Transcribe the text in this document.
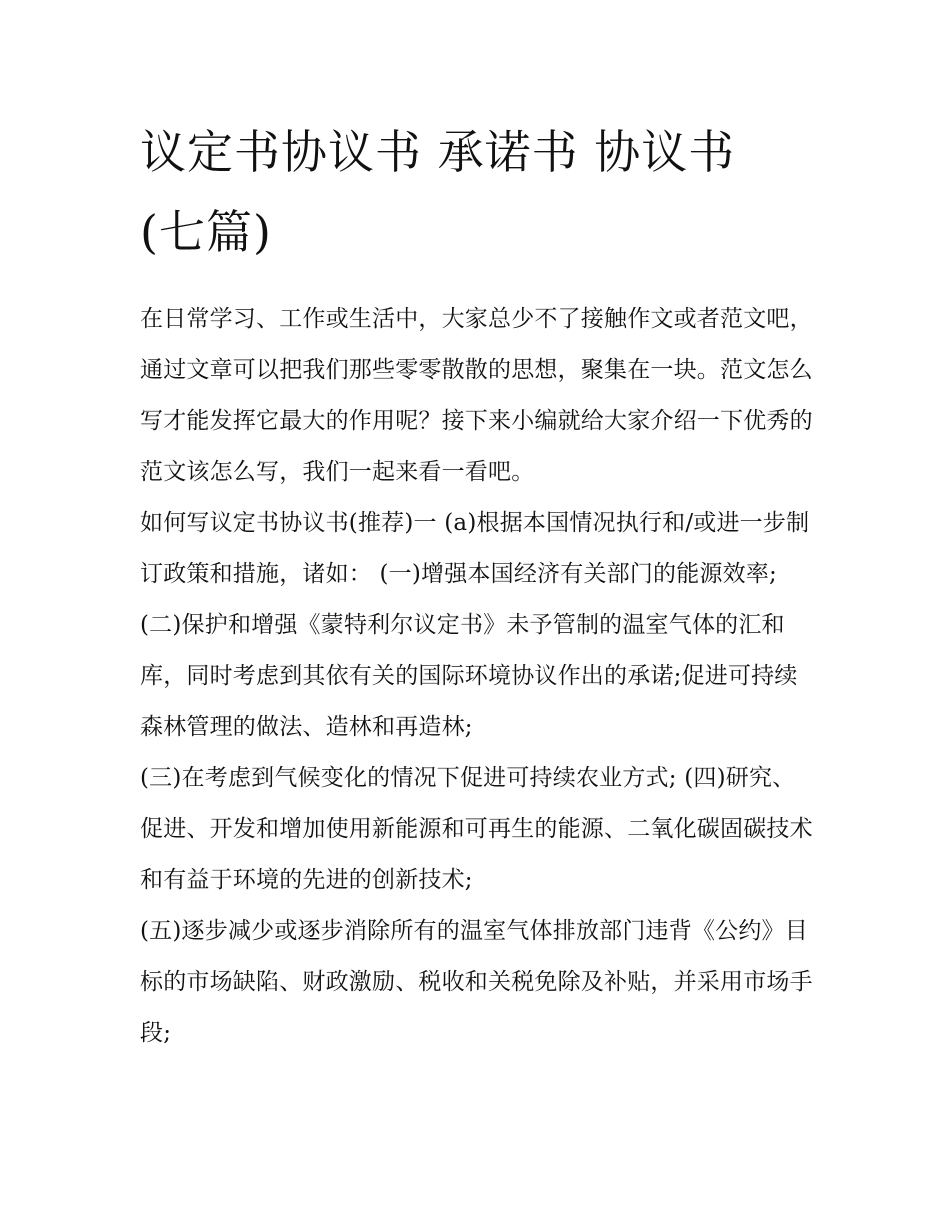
议定书协议书 承诺书 协议书(七篇)

在日常学习、工作或生活中，大家总少不了接触作文或者范文吧，通过文章可以把我们那些零零散散的思想，聚集在一块。范文怎么写才能发挥它最大的作用呢？接下来小编就给大家介绍一下优秀的范文该怎么写，我们一起来看一看吧。

如何写议定书协议书(推荐)一 (a)根据本国情况执行和/或进一步制订政策和措施，诸如： (一)增强本国经济有关部门的能源效率;

(二)保护和增强《蒙特利尔议定书》未予管制的温室气体的汇和库，同时考虑到其依有关的国际环境协议作出的承诺;促进可持续森林管理的做法、造林和再造林;

(三)在考虑到气候变化的情况下促进可持续农业方式; (四)研究、促进、开发和增加使用新能源和可再生的能源、二氧化碳固碳技术和有益于环境的先进的创新技术;

(五)逐步减少或逐步消除所有的温室气体排放部门违背《公约》目标的市场缺陷、财政激励、税收和关税免除及补贴，并采用市场手段;
